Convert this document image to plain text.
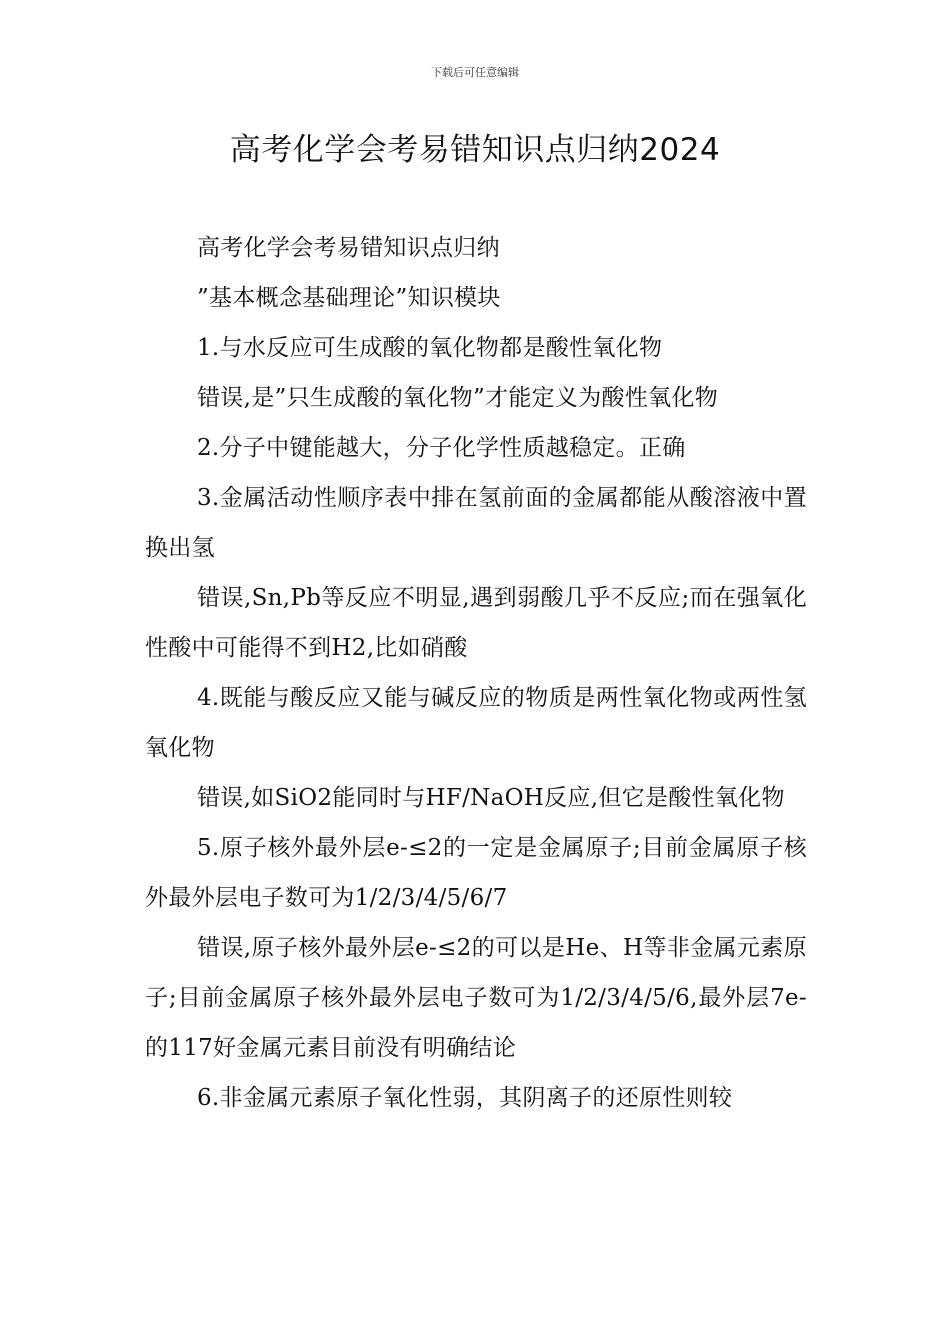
下载后可任意编辑
高考化学会考易错知识点归纳2024

高考化学会考易错知识点归纳

”基本概念基础理论”知识模块

1.与水反应可生成酸的氧化物都是酸性氧化物

错误,是”只生成酸的氧化物”才能定义为酸性氧化物

2.分子中键能越大，分子化学性质越稳定。正确

3.金属活动性顺序表中排在氢前面的金属都能从酸溶液中置换出氢

错误,Sn,Pb等反应不明显,遇到弱酸几乎不反应;而在强氧化性酸中可能得不到H2,比如硝酸

4.既能与酸反应又能与碱反应的物质是两性氧化物或两性氢氧化物

错误,如SiO2能同时与HF/NaOH反应,但它是酸性氧化物

5.原子核外最外层e-≤2的一定是金属原子;目前金属原子核外最外层电子数可为1/2/3/4/5/6/7

错误,原子核外最外层e-≤2的可以是He、H等非金属元素原子;目前金属原子核外最外层电子数可为1/2/3/4/5/6,最外层7e-的117好金属元素目前没有明确结论

6.非金属元素原子氧化性弱，其阴离子的还原性则较
